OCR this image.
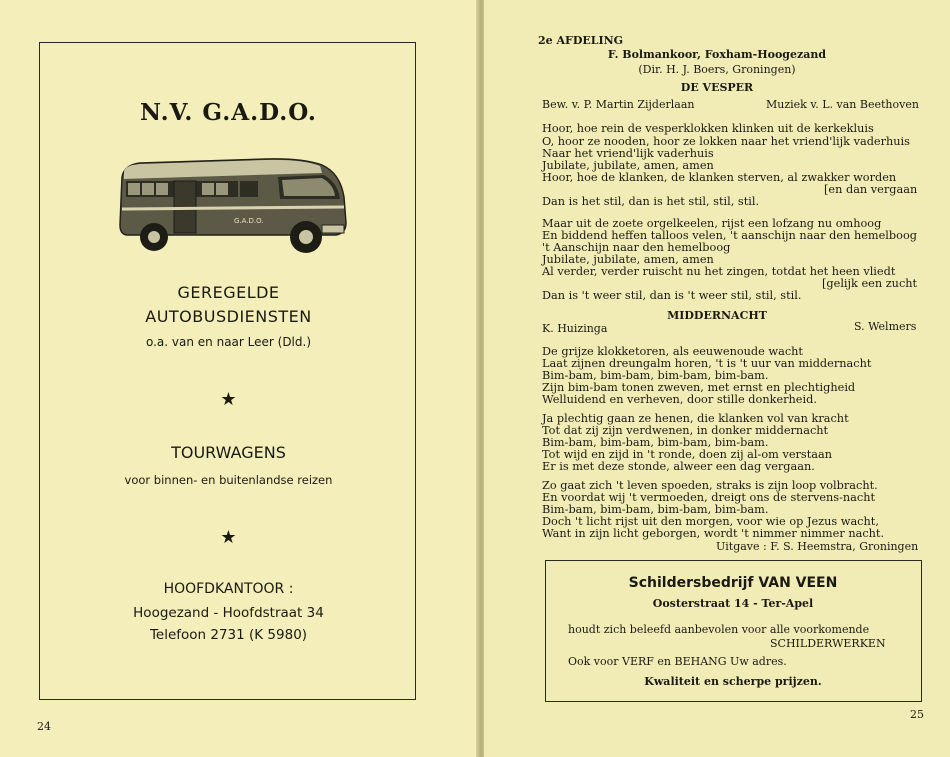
N.V. G.A.D.O.
G.A.D.O.
GEREGELDE
AUTOBUSDIENSTEN
o.a. van en naar Leer (Dld.)
★
TOURWAGENS
voor binnen- en buitenlandse reizen
★
HOOFDKANTOOR :
Hoogezand - Hoofdstraat 34
Telefoon 2731 (K 5980)
24
2e AFDELING
F. Bolmankoor, Foxham-Hoogezand
(Dir. H. J. Boers, Groningen)
DE VESPER
Bew. v. P. Martin Zijderlaan	Muziek v. L. van Beethoven
Hoor, hoe rein de vesperklokken klinken uit de kerkekluis
O, hoor ze nooden, hoor ze lokken naar het vriend'lijk vaderhuis
Naar het vriend'lijk vaderhuis
Jubilate, jubilate, amen, amen
Hoor, hoe de klanken, de klanken sterven, al zwakker worden
[en dan vergaan
Dan is het stil, dan is het stil, stil, stil.
Maar uit de zoete orgelkeelen, rijst een lofzang nu omhoog
En biddend heffen talloos velen, 't aanschijn naar den hemelboog
't Aanschijn naar den hemelboog
Jubilate, jubilate, amen, amen
Al verder, verder ruischt nu het zingen, totdat het heen vliedt
[gelijk een zucht
Dan is 't weer stil, dan is 't weer stil, stil, stil.
MIDDERNACHT
K. Huizinga	S. Welmers
De grijze klokketoren, als eeuwenoude wacht
Laat zijnen dreungalm horen, 't is 't uur van middernacht
Bim-bam, bim-bam, bim-bam, bim-bam.
Zijn bim-bam tonen zweven, met ernst en plechtigheid
Welluidend en verheven, door stille donkerheid.
Ja plechtig gaan ze henen, die klanken vol van kracht
Tot dat zij zijn verdwenen, in donker middernacht
Bim-bam, bim-bam, bim-bam, bim-bam.
Tot wijd en zijd in 't ronde, doen zij al-om verstaan
Er is met deze stonde, alweer een dag vergaan.
Zo gaat zich 't leven spoeden, straks is zijn loop volbracht.
En voordat wij 't vermoeden, dreigt ons de stervens-nacht
Bim-bam, bim-bam, bim-bam, bim-bam.
Doch 't licht rijst uit den morgen, voor wie op Jezus wacht,
Want in zijn licht geborgen, wordt 't nimmer nimmer nacht.
Uitgave : F. S. Heemstra, Groningen
Schildersbedrijf VAN VEEN
Oosterstraat 14 - Ter-Apel
houdt zich beleefd aanbevolen voor alle voorkomende
SCHILDERWERKEN
Ook voor VERF en BEHANG Uw adres.
Kwaliteit en scherpe prijzen.
25
